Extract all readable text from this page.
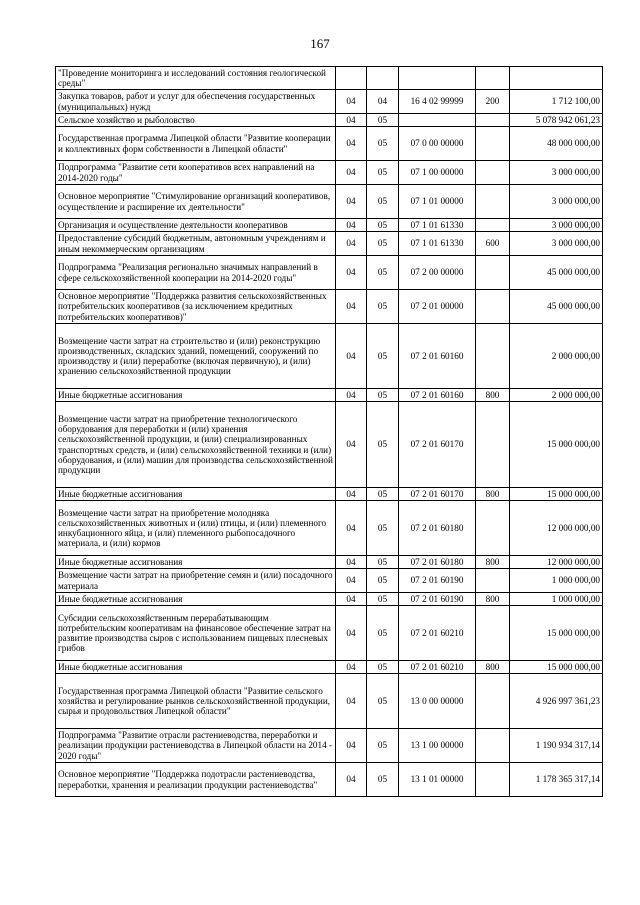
167
"Проведение мониторинга и исследований состояния геологической среды"					
Закупка товаров, работ и услуг для обеспечения государственных (муниципальных) нужд	04	04	16 4 02 99999	200	1 712 100,00
Сельское хозяйство и рыболовство	04	05			5 078 942 061,23
Государственная программа Липецкой области "Развитие кооперации и коллективных форм собственности в Липецкой области"	04	05	07 0 00 00000		48 000 000,00
Подпрограмма "Развитие сети кооперативов всех направлений на 2014-2020 годы"	04	05	07 1 00 00000		3 000 000,00
Основное мероприятие "Стимулирование организаций кооперативов, осуществление и расширение их деятельности"	04	05	07 1 01 00000		3 000 000,00
Организация и осуществление деятельности кооперативов	04	05	07 1 01 61330		3 000 000,00
Предоставление субсидий бюджетным, автономным учреждениям и иным некоммерческим организациям	04	05	07 1 01 61330	600	3 000 000,00
Подпрограмма "Реализация регионально значимых направлений в сфере сельскохозяйственной кооперации на 2014-2020 годы"	04	05	07 2 00 00000		45 000 000,00
Основное мероприятие "Поддержка развития сельскохозяйственных потребительских кооперативов (за исключением кредитных потребительских кооперативов)"	04	05	07 2 01 00000		45 000 000,00
Возмещение части затрат на строительство и (или) реконструкцию производственных, складских зданий, помещений, сооружений по производству и (или) переработке (включая первичную), и (или) хранению сельскохозяйственной продукции	04	05	07 2 01 60160		2 000 000,00
Иные бюджетные ассигнования	04	05	07 2 01 60160	800	2 000 000,00
Возмещение части затрат на приобретение технологического оборудования для переработки и (или) хранения сельскохозяйственной продукции, и (или) специализированных транспортных средств, и (или) сельскохозяйственной техники и (или) оборудования, и (или) машин для производства сельскохозяйственной продукции	04	05	07 2 01 60170		15 000 000,00
Иные бюджетные ассигнования	04	05	07 2 01 60170	800	15 000 000,00
Возмещение части затрат на приобретение молодняка сельскохозяйственных животных и (или) птицы, и (или) племенного инкубационного яйца, и (или) племенного рыбопосадочного материала, и (или) кормов	04	05	07 2 01 60180		12 000 000,00
Иные бюджетные ассигнования	04	05	07 2 01 60180	800	12 000 000,00
Возмещение части затрат на приобретение семян и (или) посадочного материала	04	05	07 2 01 60190		1 000 000,00
Иные бюджетные ассигнования	04	05	07 2 01 60190	800	1 000 000,00
Субсидии сельскохозяйственным перерабатывающим потребительским кооперативам на финансовое обеспечение затрат на развитие производства сыров с использованием пищевых плесневых грибов	04	05	07 2 01 60210		15 000 000,00
Иные бюджетные ассигнования	04	05	07 2 01 60210	800	15 000 000,00
Государственная программа Липецкой области "Развитие сельского хозяйства и регулирование рынков сельскохозяйственной продукции, сырья и продовольствия Липецкой области"	04	05	13 0 00 00000		4 926 997 361,23
Подпрограмма "Развитие отрасли растениеводства, переработки и реализации продукции растениеводства в Липецкой области на 2014 - 2020 годы"	04	05	13 1 00 00000		1 190 934 317,14
Основное мероприятие "Поддержка подотрасли растениеводства, переработки, хранения и реализации продукции растениеводства"	04	05	13 1 01 00000		1 178 365 317,14
